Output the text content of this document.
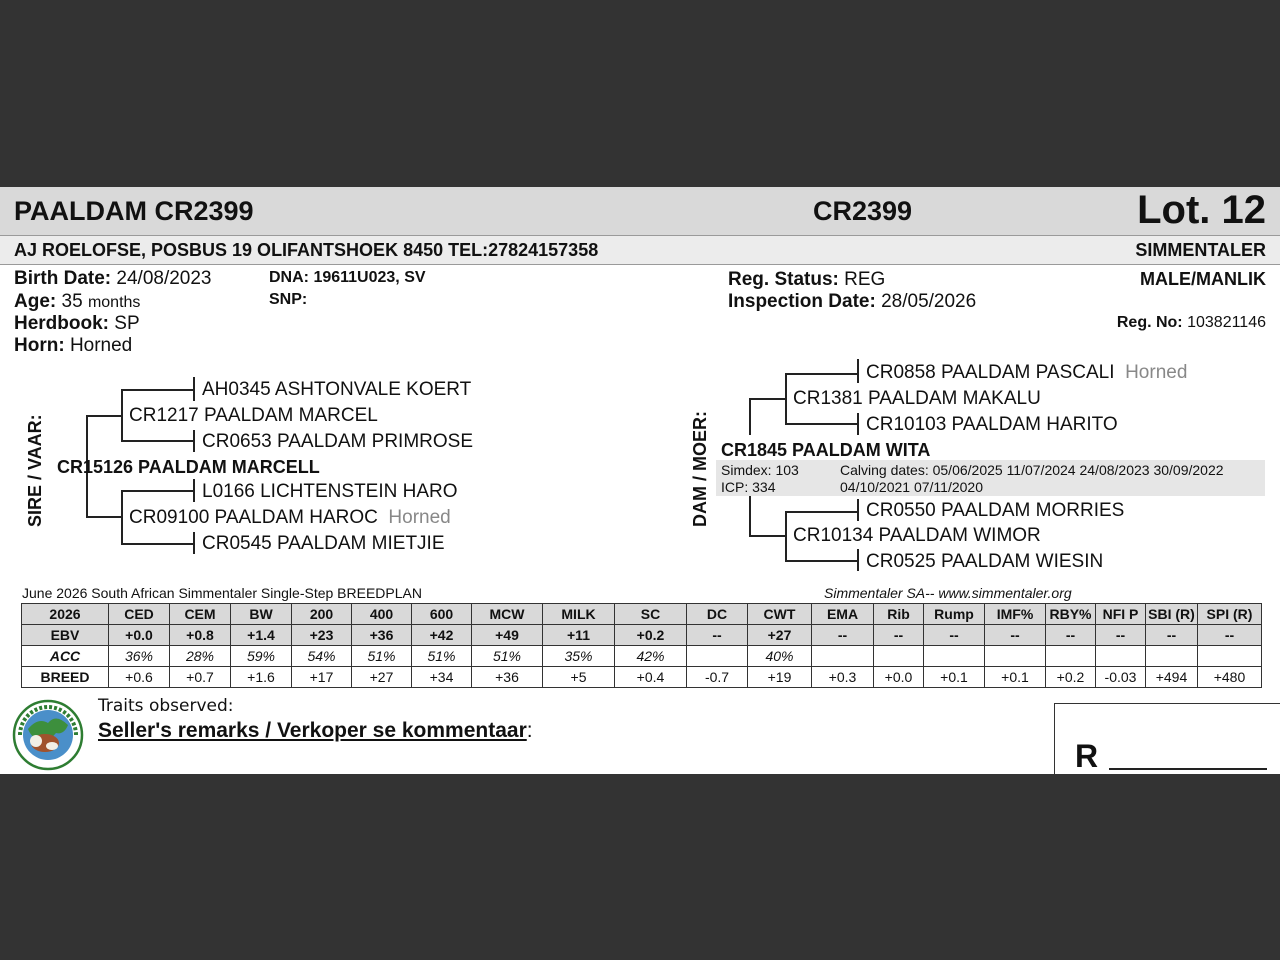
PAALDAM CR2399	CR2399	Lot. 12
AJ ROELOFSE, POSBUS 19 OLIFANTSHOEK 8450 TEL:27824157358	SIMMENTALER
Birth Date: 24/08/2023
Age: 35 months
Herdbook: SP
Horn: Horned
DNA: 19611U023, SV
SNP:
Reg. Status: REG
Inspection Date: 28/05/2026
MALE/MANLIK
Reg. No: 103821146
SIRE / VAAR:
AH0345 ASHTONVALE KOERT
CR1217 PAALDAM MARCEL
CR0653 PAALDAM PRIMROSE
CR15126 PAALDAM MARCELL
L0166 LICHTENSTEIN HARO
CR09100 PAALDAM HAROC Horned
CR0545 PAALDAM MIETJIE
DAM / MOER:
CR0858 PAALDAM PASCALI Horned
CR1381 PAALDAM MAKALU
CR10103 PAALDAM HARITO
CR1845 PAALDAM WITA
Simdex: 103
ICP: 334
Calving dates: 05/06/2025 11/07/2024 24/08/2023 30/09/2022
04/10/2021 07/11/2020
CR0550 PAALDAM MORRIES
CR10134 PAALDAM WIMOR
CR0525 PAALDAM WIESIN
June 2026 South African Simmentaler Single-Step BREEDPLAN	Simmentaler SA-- www.simmentaler.org
2026	CED	CEM	BW	200	400	600	MCW	MILK	SC	DC	CWT	EMA	Rib	Rump	IMF%	RBY%	NFI P	SBI (R)	SPI (R)
EBV	+0.0	+0.8	+1.4	+23	+36	+42	+49	+11	+0.2	--	+27	--	--	--	--	--	--	--	--
ACC	36%	28%	59%	54%	51%	51%	51%	35%	42%		40%								
BREED	+0.6	+0.7	+1.6	+17	+27	+34	+36	+5	+0.4	-0.7	+19	+0.3	+0.0	+0.1	+0.1	+0.2	-0.03	+494	+480
Traits observed:
Seller's remarks / Verkoper se kommentaar:
R
